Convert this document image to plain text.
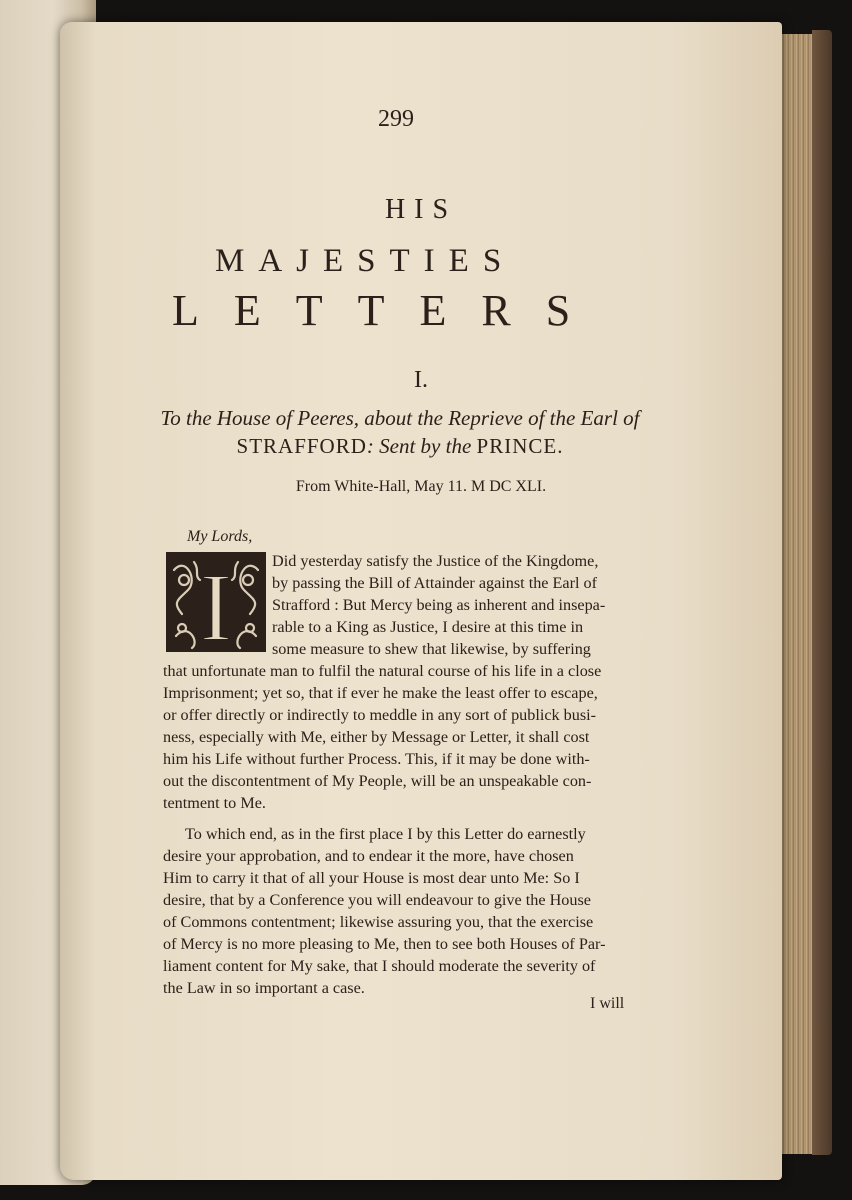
299
HIS
MAJESTIES
LETTERS
I.
To the House of Peeres, about the Reprieve of the Earl of STRAFFORD: Sent by the PRINCE.
From White-Hall, May 11. M DC XLI.
My Lords,
I Did yesterday satisfy the Justice of the Kingdome,
by passing the Bill of Attainder against the Earl of
Strafford : But Mercy being as inherent and insepa-
rable to a King as Justice, I desire at this time in
some measure to shew that likewise, by suffering
that unfortunate man to fulfil the natural course of his life in a close
Imprisonment; yet so, that if ever he make the least offer to escape,
or offer directly or indirectly to meddle in any sort of publick busi-
ness, especially with Me, either by Message or Letter, it shall cost
him his Life without further Process. This, if it may be done with-
out the discontentment of My People, will be an unspeakable con-
tentment to Me.
To which end, as in the first place I by this Letter do earnestly
desire your approbation, and to endear it the more, have chosen
Him to carry it that of all your House is most dear unto Me: So I
desire, that by a Conference you will endeavour to give the House
of Commons contentment; likewise assuring you, that the exercise
of Mercy is no more pleasing to Me, then to see both Houses of Par-
liament content for My sake, that I should moderate the severity of
the Law in so important a case.
I will
